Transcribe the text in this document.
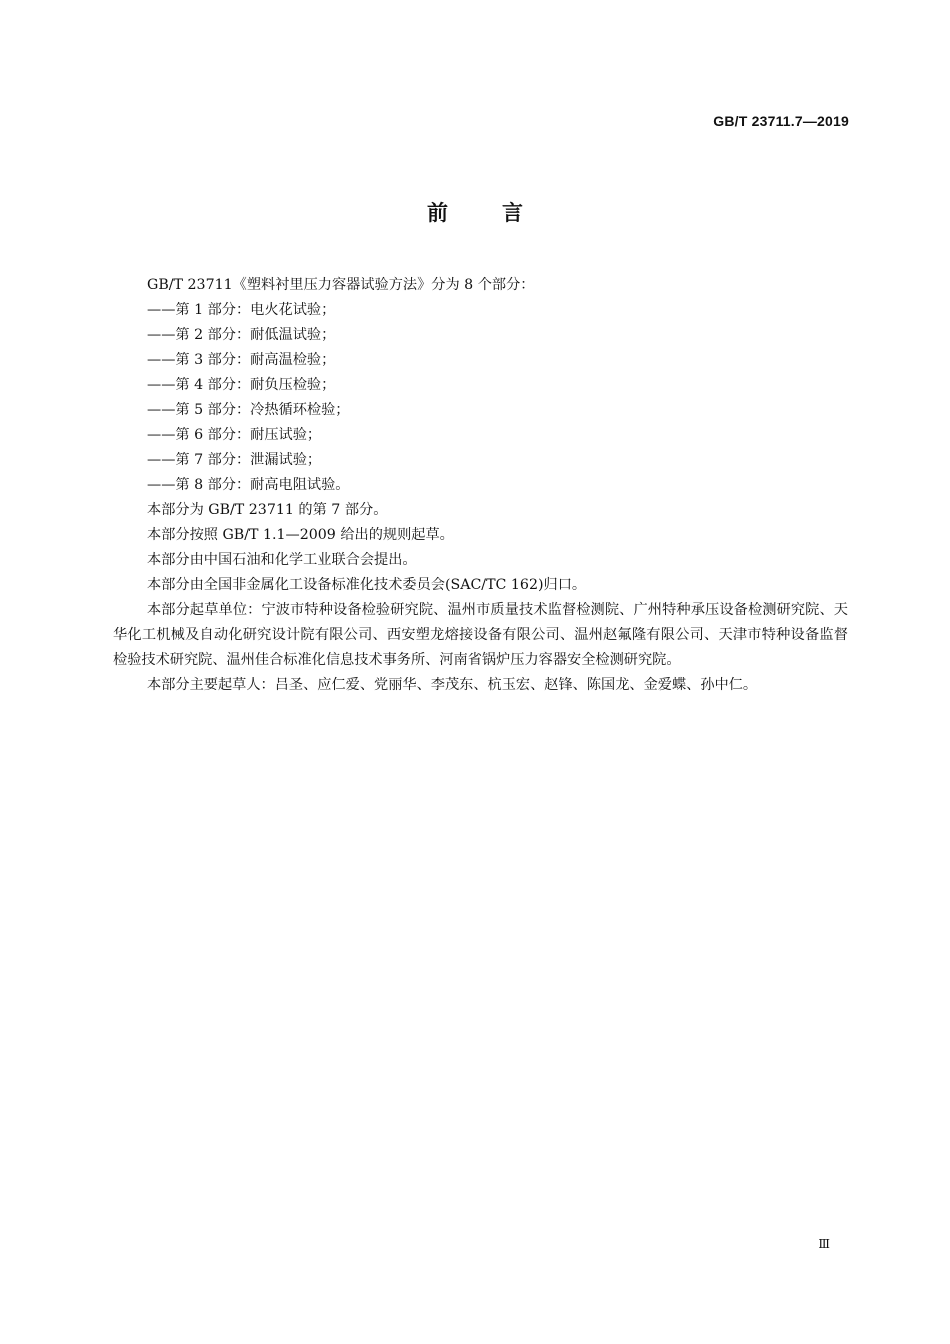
GB/T 23711.7—2019
前	言

GB/T 23711《塑料衬里压力容器试验方法》分为 8 个部分：

——第 1 部分：电火花试验；

——第 2 部分：耐低温试验；

——第 3 部分：耐高温检验；

——第 4 部分：耐负压检验；

——第 5 部分：冷热循环检验；

——第 6 部分：耐压试验；

——第 7 部分：泄漏试验；

——第 8 部分：耐高电阻试验。

本部分为 GB/T 23711 的第 7 部分。

本部分按照 GB/T 1.1—2009 给出的规则起草。

本部分由中国石油和化学工业联合会提出。

本部分由全国非金属化工设备标准化技术委员会(SAC/TC 162)归口。

本部分起草单位：宁波市特种设备检验研究院、温州市质量技术监督检测院、广州特种承压设备检测研究院、天华化工机械及自动化研究设计院有限公司、西安塑龙熔接设备有限公司、温州赵氟隆有限公司、天津市特种设备监督检验技术研究院、温州佳合标准化信息技术事务所、河南省锅炉压力容器安全检测研究院。

本部分主要起草人：吕圣、应仁爱、党丽华、李茂东、杭玉宏、赵锋、陈国龙、金爱蝶、孙中仁。

Ⅲ
